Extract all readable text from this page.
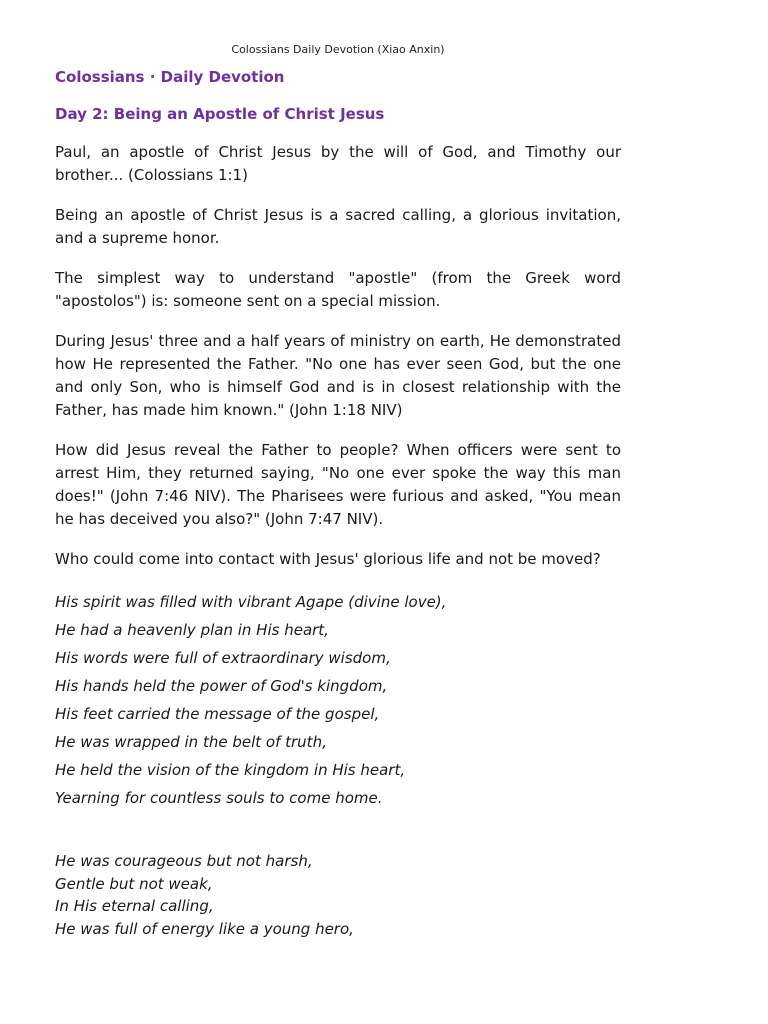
Colossians Daily Devotion (Xiao Anxin)
Colossians · Daily Devotion
Day 2: Being an Apostle of Christ Jesus

Paul, an apostle of Christ Jesus by the will of God, and Timothy our brother... (Colossians 1:1)

Being an apostle of Christ Jesus is a sacred calling, a glorious invitation, and a supreme honor.

The simplest way to understand "apostle" (from the Greek word "apostolos") is: someone sent on a special mission.

During Jesus' three and a half years of ministry on earth, He demonstrated how He represented the Father. "No one has ever seen God, but the one and only Son, who is himself God and is in closest relationship with the Father, has made him known." (John 1:18 NIV)

How did Jesus reveal the Father to people? When officers were sent to arrest Him, they returned saying, "No one ever spoke the way this man does!" (John 7:46 NIV). The Pharisees were furious and asked, "You mean he has deceived you also?" (John 7:47 NIV).

Who could come into contact with Jesus' glorious life and not be moved?

His spirit was filled with vibrant Agape (divine love),
He had a heavenly plan in His heart,
His words were full of extraordinary wisdom,
His hands held the power of God's kingdom,
His feet carried the message of the gospel,
He was wrapped in the belt of truth,
He held the vision of the kingdom in His heart,
Yearning for countless souls to come home.
He was courageous but not harsh,
Gentle but not weak,
In His eternal calling,
He was full of energy like a young hero,
